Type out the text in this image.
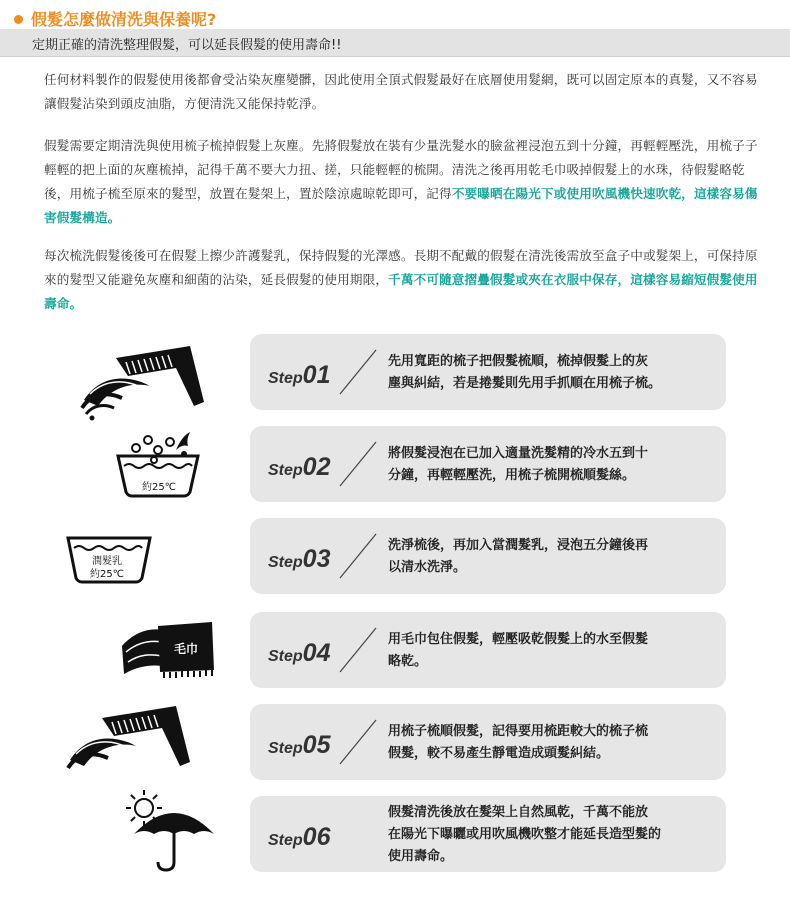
假髮怎麼做清洗與保養呢?
定期正確的清洗整理假髮，可以延長假髮的使用壽命!!
任何材料製作的假髮使用後都會受沾染灰塵變髒，因此使用全頂式假髮最好在底層使用髮網，既可以固定原本的真髮，又不容易讓假髮沾染到頭皮油脂，方便清洗又能保持乾淨。
假髮需要定期清洗與使用梳子梳掉假髮上灰塵。先將假髮放在裝有少量洗髮水的臉盆裡浸泡五到十分鐘，再輕輕壓洗，用梳子子輕輕的把上面的灰塵梳掉，記得千萬不要大力扭、搓，只能輕輕的梳開。清洗之後再用乾毛巾吸掉假髮上的水珠，待假髮略乾後，用梳子梳至原來的髮型，放置在髮架上，置於陰涼處晾乾即可，記得不要曝晒在陽光下或使用吹風機快速吹乾，這樣容易傷害假髮構造。
每次梳洗假髮後後可在假髮上擦少許護髮乳，保持假髮的光澤感。長期不配戴的假髮在清洗後需放至盒子中或髮架上，可保持原來的髮型又能避免灰塵和細菌的沾染，延長假髮的使用期限，千萬不可隨意摺疊假髮或夾在衣服中保存，這樣容易縮短假髮使用壽命。
Step01	先用寬距的梳子把假髮梳順，梳掉假髮上的灰
塵與糾結，若是捲髮則先用手抓順在用梳子梳。
約25℃
Step02	將假髮浸泡在已加入適量洗髮精的冷水五到十
分鐘，再輕輕壓洗，用梳子梳開梳順髮絲。
潤髮乳
約25℃
Step03	洗淨梳後，再加入當潤髮乳，浸泡五分鐘後再
以清水洗淨。
毛巾	Step04	用毛巾包住假髮，輕壓吸乾假髮上的水至假髮
略乾。
Step05	用梳子梳順假髮，記得要用梳距較大的梳子梳
假髮，較不易產生靜電造成頭髮糾結。
Step06
假髮清洗後放在髮架上自然風乾，千萬不能放
在陽光下曝曬或用吹風機吹整才能延長造型髮的
使用壽命。
